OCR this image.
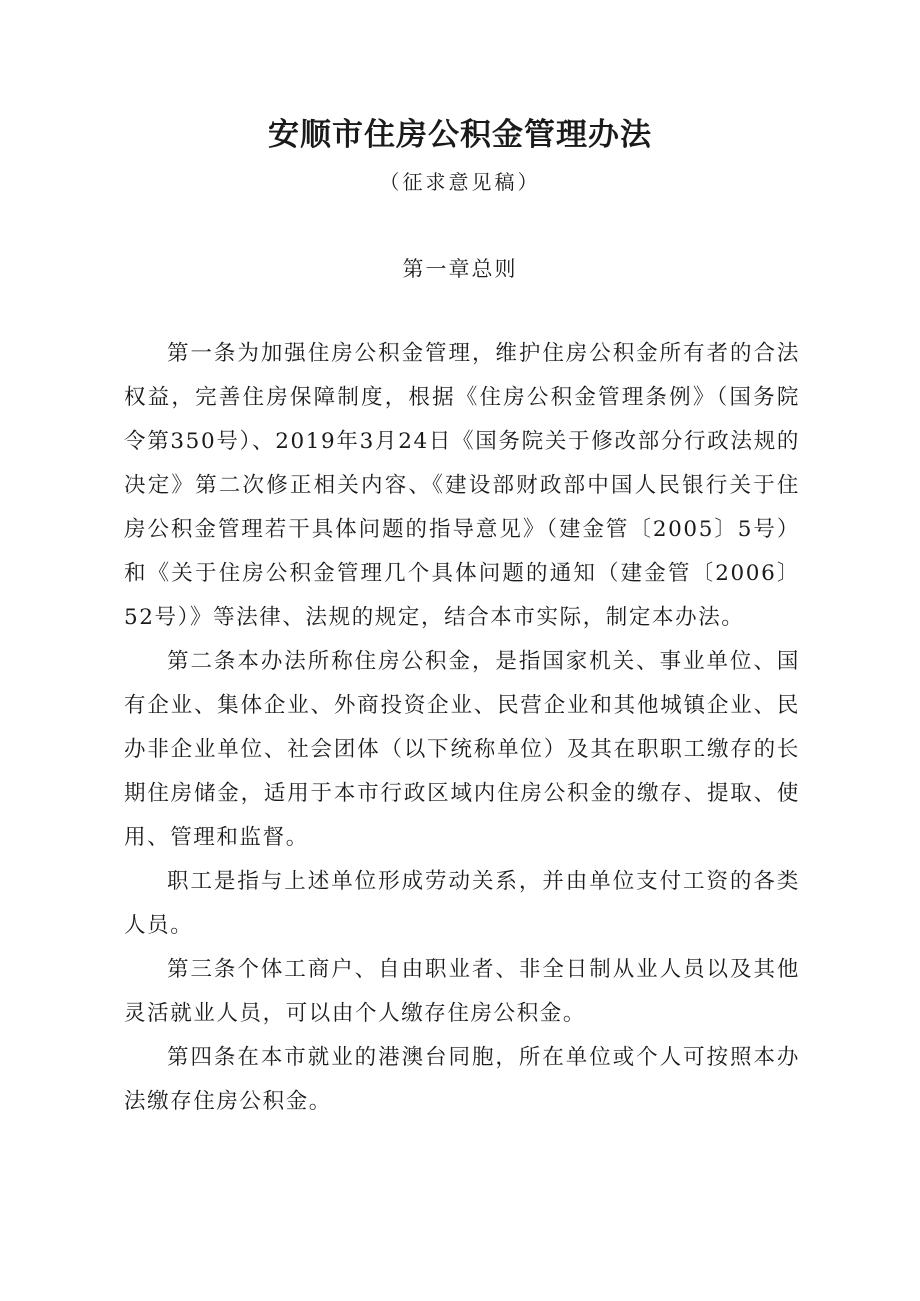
安顺市住房公积金管理办法
（征求意见稿）
第一章总则

第一条为加强住房公积金管理，维护住房公积金所有者的合法权益，完善住房保障制度，根据《住房公积金管理条例》（国务院令第350号）、2019年3月24日《国务院关于修改部分行政法规的决定》第二次修正相关内容、《建设部财政部中国人民银行关于住房公积金管理若干具体问题的指导意见》（建金管〔2005〕5号）和《关于住房公积金管理几个具体问题的通知（建金管〔2006〕52号）》等法律、法规的规定，结合本市实际，制定本办法。

第二条本办法所称住房公积金，是指国家机关、事业单位、国有企业、集体企业、外商投资企业、民营企业和其他城镇企业、民办非企业单位、社会团体（以下统称单位）及其在职职工缴存的长期住房储金，适用于本市行政区域内住房公积金的缴存、提取、使用、管理和监督。

职工是指与上述单位形成劳动关系，并由单位支付工资的各类人员。

第三条个体工商户、自由职业者、非全日制从业人员以及其他灵活就业人员，可以由个人缴存住房公积金。

第四条在本市就业的港澳台同胞，所在单位或个人可按照本办法缴存住房公积金。
